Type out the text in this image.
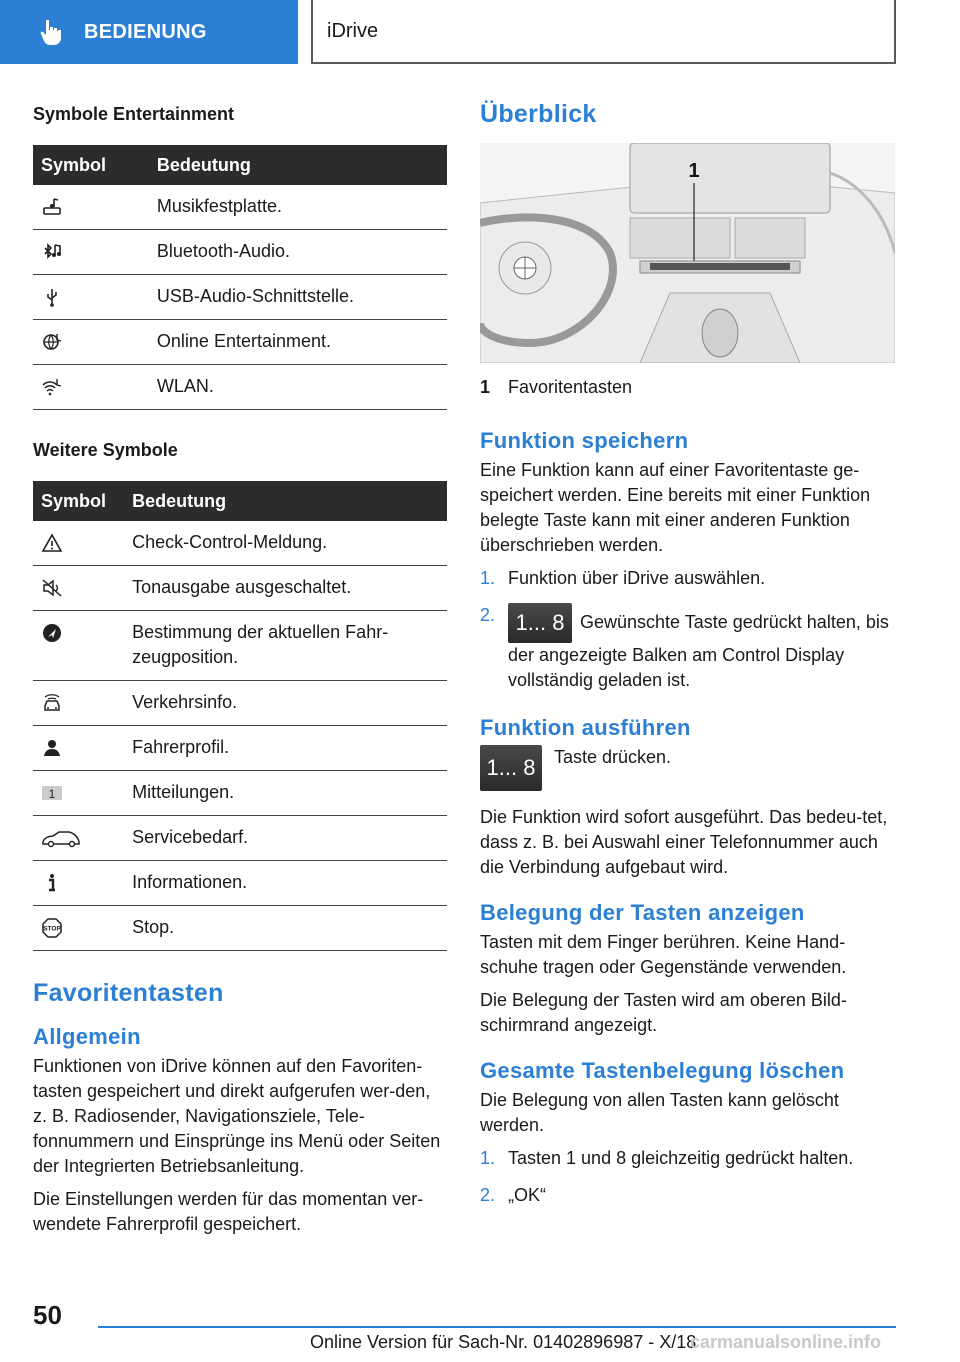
BEDIENUNG	iDrive
Symbole Entertainment
Symbol	Bedeutung
	Musikfestplatte.
	Bluetooth-Audio.
	USB-Audio-Schnittstelle.
	Online Entertainment.
	WLAN.
Weitere Symbole
Symbol	Bedeutung
	Check-Control-Meldung.
	Tonausgabe ausgeschaltet.
	Bestimmung der aktuellen Fahr-zeugposition.
	Verkehrsinfo.
	Fahrerprofil.

1	Mitteilungen.
	Servicebedarf.
	Informationen.

STOP	Stop.
Favoritentasten
Allgemein

Funktionen von iDrive können auf den Favoriten-tasten gespeichert und direkt aufgerufen wer-den, z. B. Radiosender, Navigationsziele, Tele-fonnummern und Einsprünge ins Menü oder Seiten der Integrierten Betriebsanleitung.

Die Einstellungen werden für das momentan ver-wendete Fahrerprofil gespeichert.

Überblick
1
1 Favoritentasten
Funktion speichern

Eine Funktion kann auf einer Favoritentaste ge-speichert werden. Eine bereits mit einer Funktion belegte Taste kann mit einer anderen Funktion überschrieben werden.

1. Funktion über iDrive auswählen.
2. 1... 8 Gewünschte Taste gedrückt halten, bis der angezeigte Balken am Control Display vollständig geladen ist.
Funktion ausführen
1... 8	Taste drücken.

Die Funktion wird sofort ausgeführt. Das bedeu-tet, dass z. B. bei Auswahl einer Telefonnummer auch die Verbindung aufgebaut wird.

Belegung der Tasten anzeigen

Tasten mit dem Finger berühren. Keine Hand-schuhe tragen oder Gegenstände verwenden.

Die Belegung der Tasten wird am oberen Bild-schirmrand angezeigt.

Gesamte Tastenbelegung löschen

Die Belegung von allen Tasten kann gelöscht werden.

1. Tasten 1 und 8 gleichzeitig gedrückt halten.
2. „OK“
50
Online Version für Sach-Nr. 01402896987 - X/18
carmanualsonline.info
